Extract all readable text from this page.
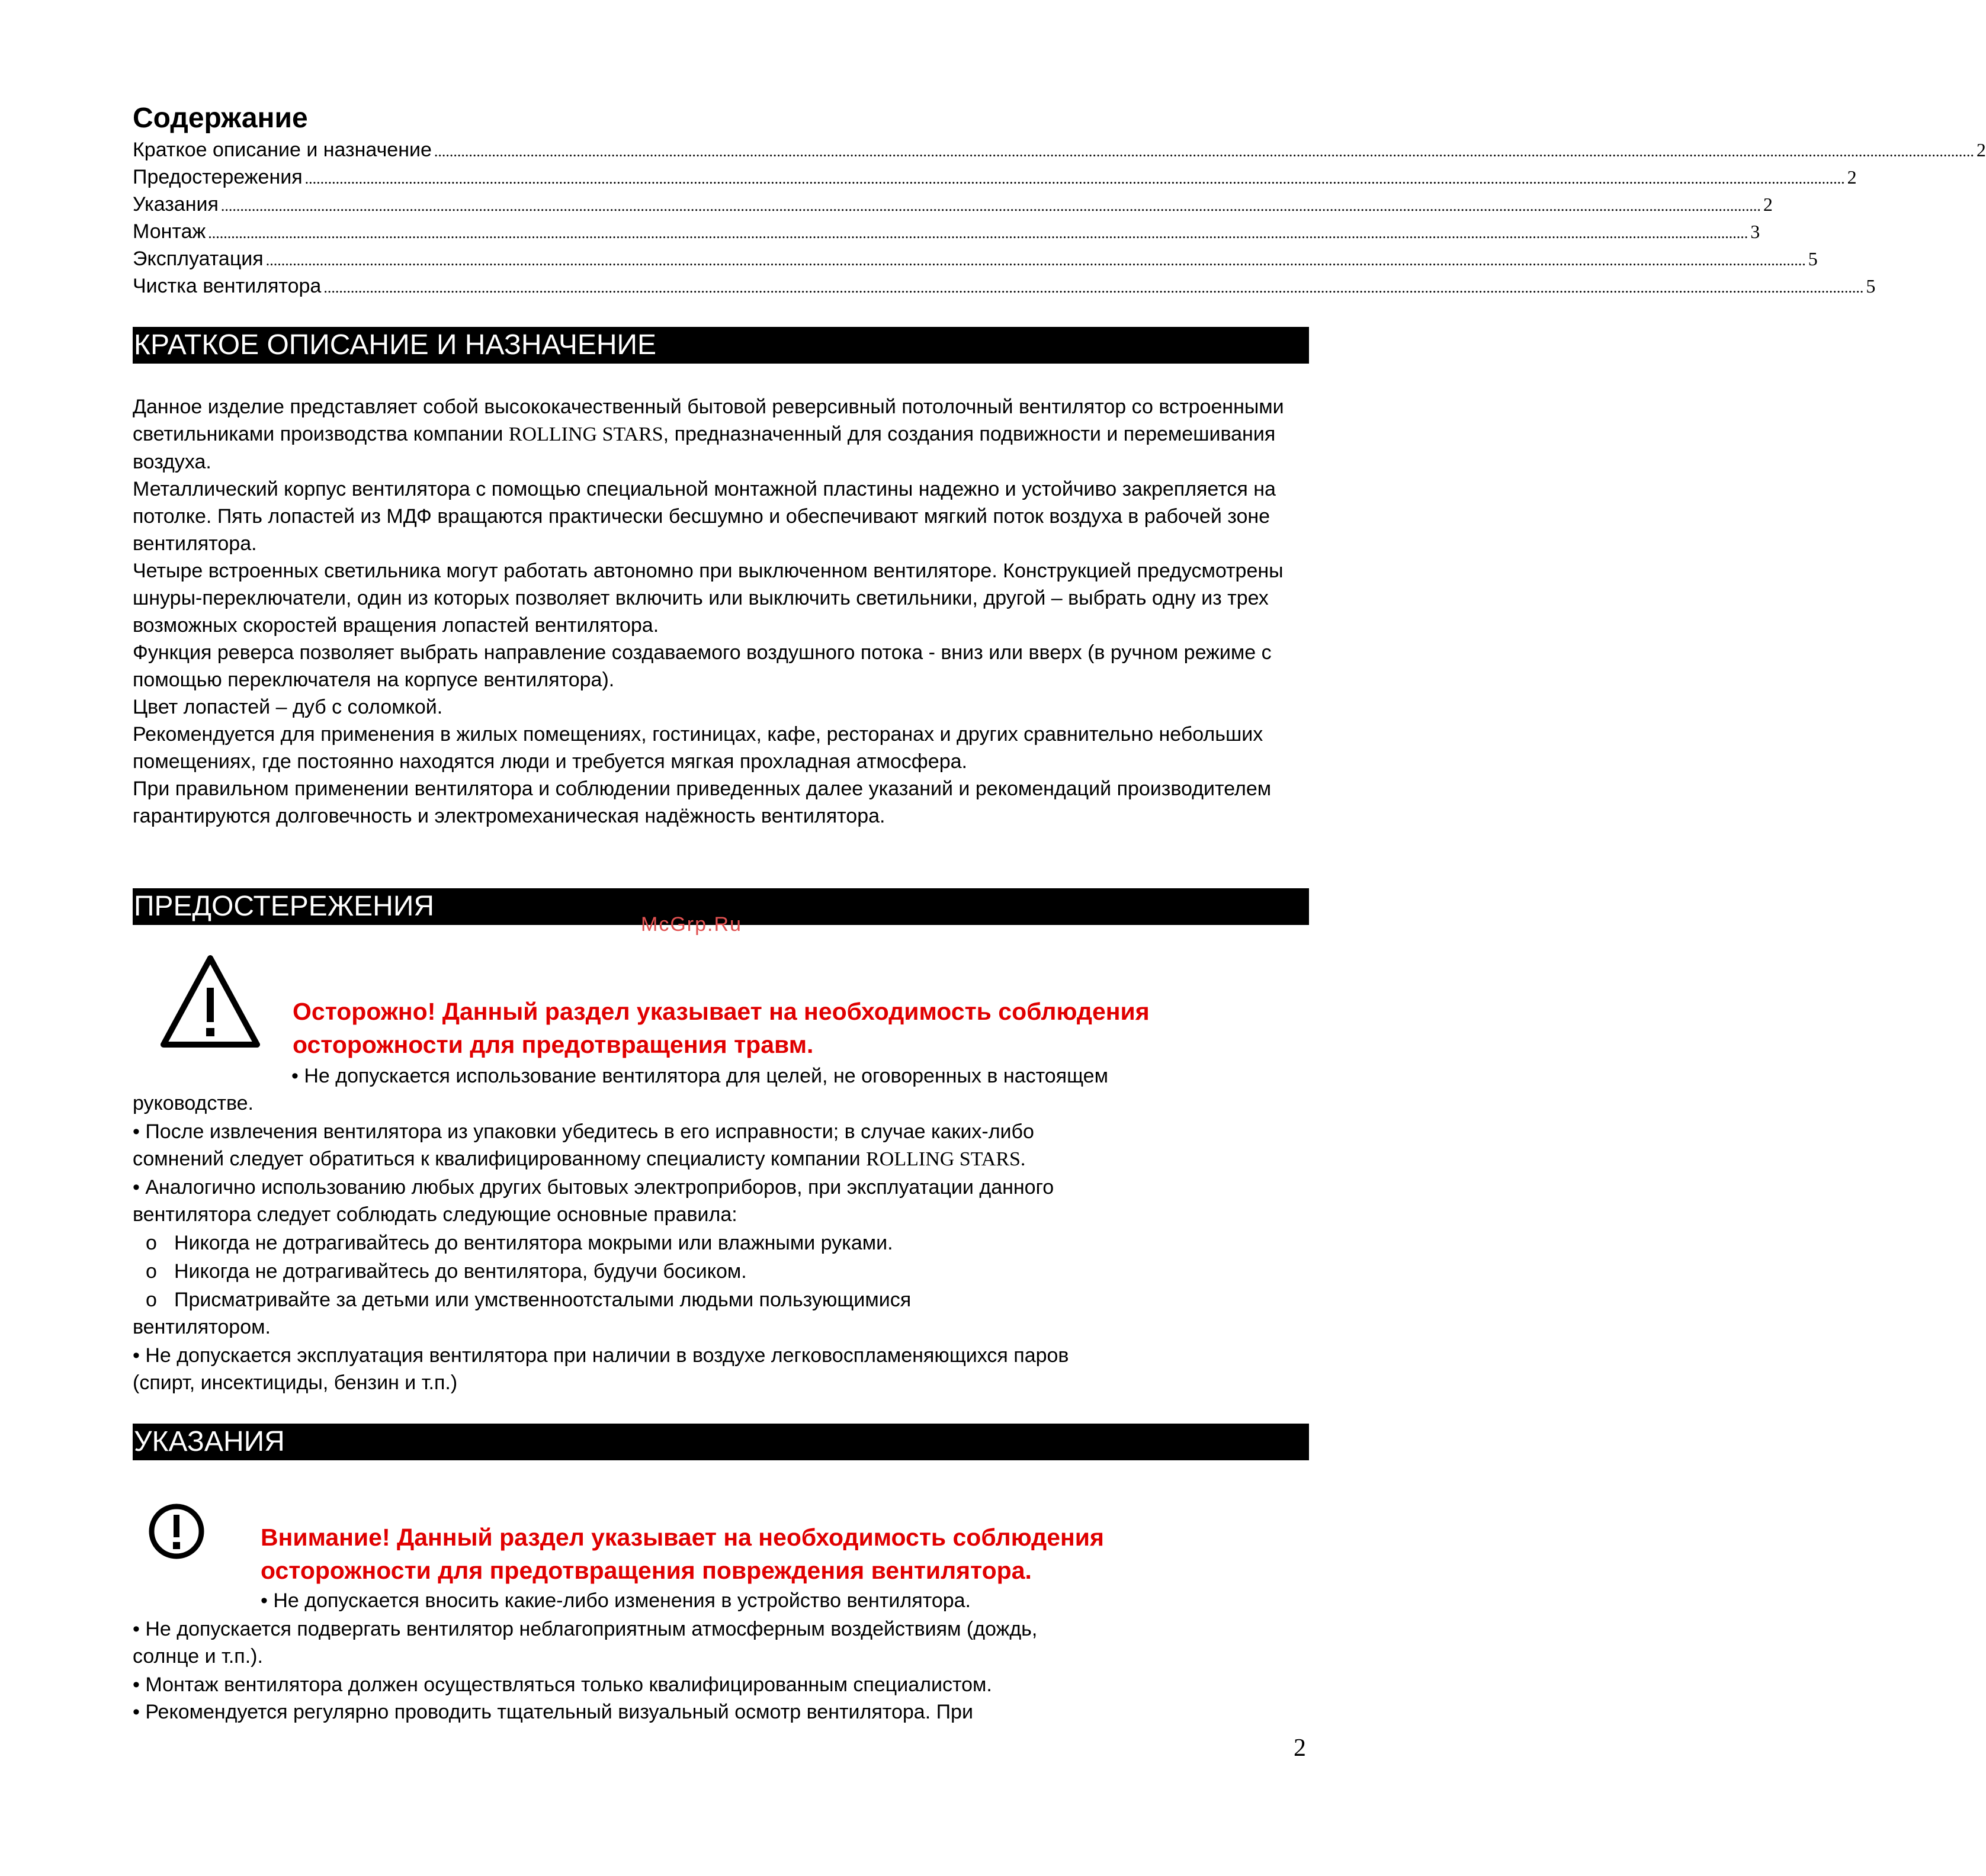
Содержание
Краткое описание и назначение ................................................................................................................................................................................................................................................................................................................................................................................................................ 2
Предостережения ................................................................................................................................................................................................................................................................................................................................................................................................................ 2
Указания ................................................................................................................................................................................................................................................................................................................................................................................................................ 2
Монтаж ................................................................................................................................................................................................................................................................................................................................................................................................................ 3
Эксплуатация ................................................................................................................................................................................................................................................................................................................................................................................................................ 5
Чистка вентилятора ................................................................................................................................................................................................................................................................................................................................................................................................................ 5
КРАТКОЕ ОПИСАНИЕ И НАЗНАЧЕНИЕ

Данное изделие представляет собой высококачественный бытовой реверсивный потолочный вентилятор со встроенными светильниками производства компании ROLLING STARS, предназначенный для создания подвижности и перемешивания воздуха.

Металлический корпус вентилятора с помощью специальной монтажной пластины надежно и устойчиво закрепляется на потолке. Пять лопастей из МДФ вращаются практически бесшумно и обеспечивают мягкий поток воздуха в рабочей зоне вентилятора.

Четыре встроенных светильника могут работать автономно при выключенном вентиляторе. Конструкцией предусмотрены шнуры-переключатели, один из которых позволяет включить или выключить светильники, другой – выбрать одну из трех возможных скоростей вращения лопастей вентилятора.

Функция реверса позволяет выбрать направление создаваемого воздушного потока - вниз или вверх (в ручном режиме с помощью переключателя на корпусе вентилятора).

Цвет лопастей – дуб с соломкой.

Рекомендуется для применения в жилых помещениях, гостиницах, кафе, ресторанах и других сравнительно небольших помещениях, где постоянно находятся люди и требуется мягкая прохладная атмосфера.

При правильном применении вентилятора и соблюдении приведенных далее указаний и рекомендаций производителем гарантируются долговечность и электромеханическая надёжность вентилятора.

ПРЕДОСТЕРЕЖЕНИЯ
McGrp.Ru
Осторожно! Данный раздел указывает на необходимость соблюдения
осторожности для предотвращения травм.
• Не допускается использование вентилятора для целей, не оговоренных в настоящем
руководстве.
• После извлечения вентилятора из упаковки убедитесь в его исправности; в случае каких-либо
сомнений следует обратиться к квалифицированному специалисту компании ROLLING STARS.
• Аналогично использованию любых других бытовых электроприборов, при эксплуатации данного
вентилятора следует соблюдать следующие основные правила:
o Никогда не дотрагивайтесь до вентилятора мокрыми или влажными руками.
o Никогда не дотрагивайтесь до вентилятора, будучи босиком.
o Присматривайте за детьми или умственноотсталыми людьми пользующимися
вентилятором.
• Не допускается эксплуатация вентилятора при наличии в воздухе легковоспламеняющихся паров
(спирт, инсектициды, бензин и т.п.)
УКАЗАНИЯ
Внимание! Данный раздел указывает на необходимость соблюдения
осторожности для предотвращения повреждения вентилятора.
• Не допускается вносить какие-либо изменения в устройство вентилятора.
• Не допускается подвергать вентилятор неблагоприятным атмосферным воздействиям (дождь,
солнце и т.п.).
• Монтаж вентилятора должен осуществляться только квалифицированным специалистом.
• Рекомендуется регулярно проводить тщательный визуальный осмотр вентилятора. При
2
